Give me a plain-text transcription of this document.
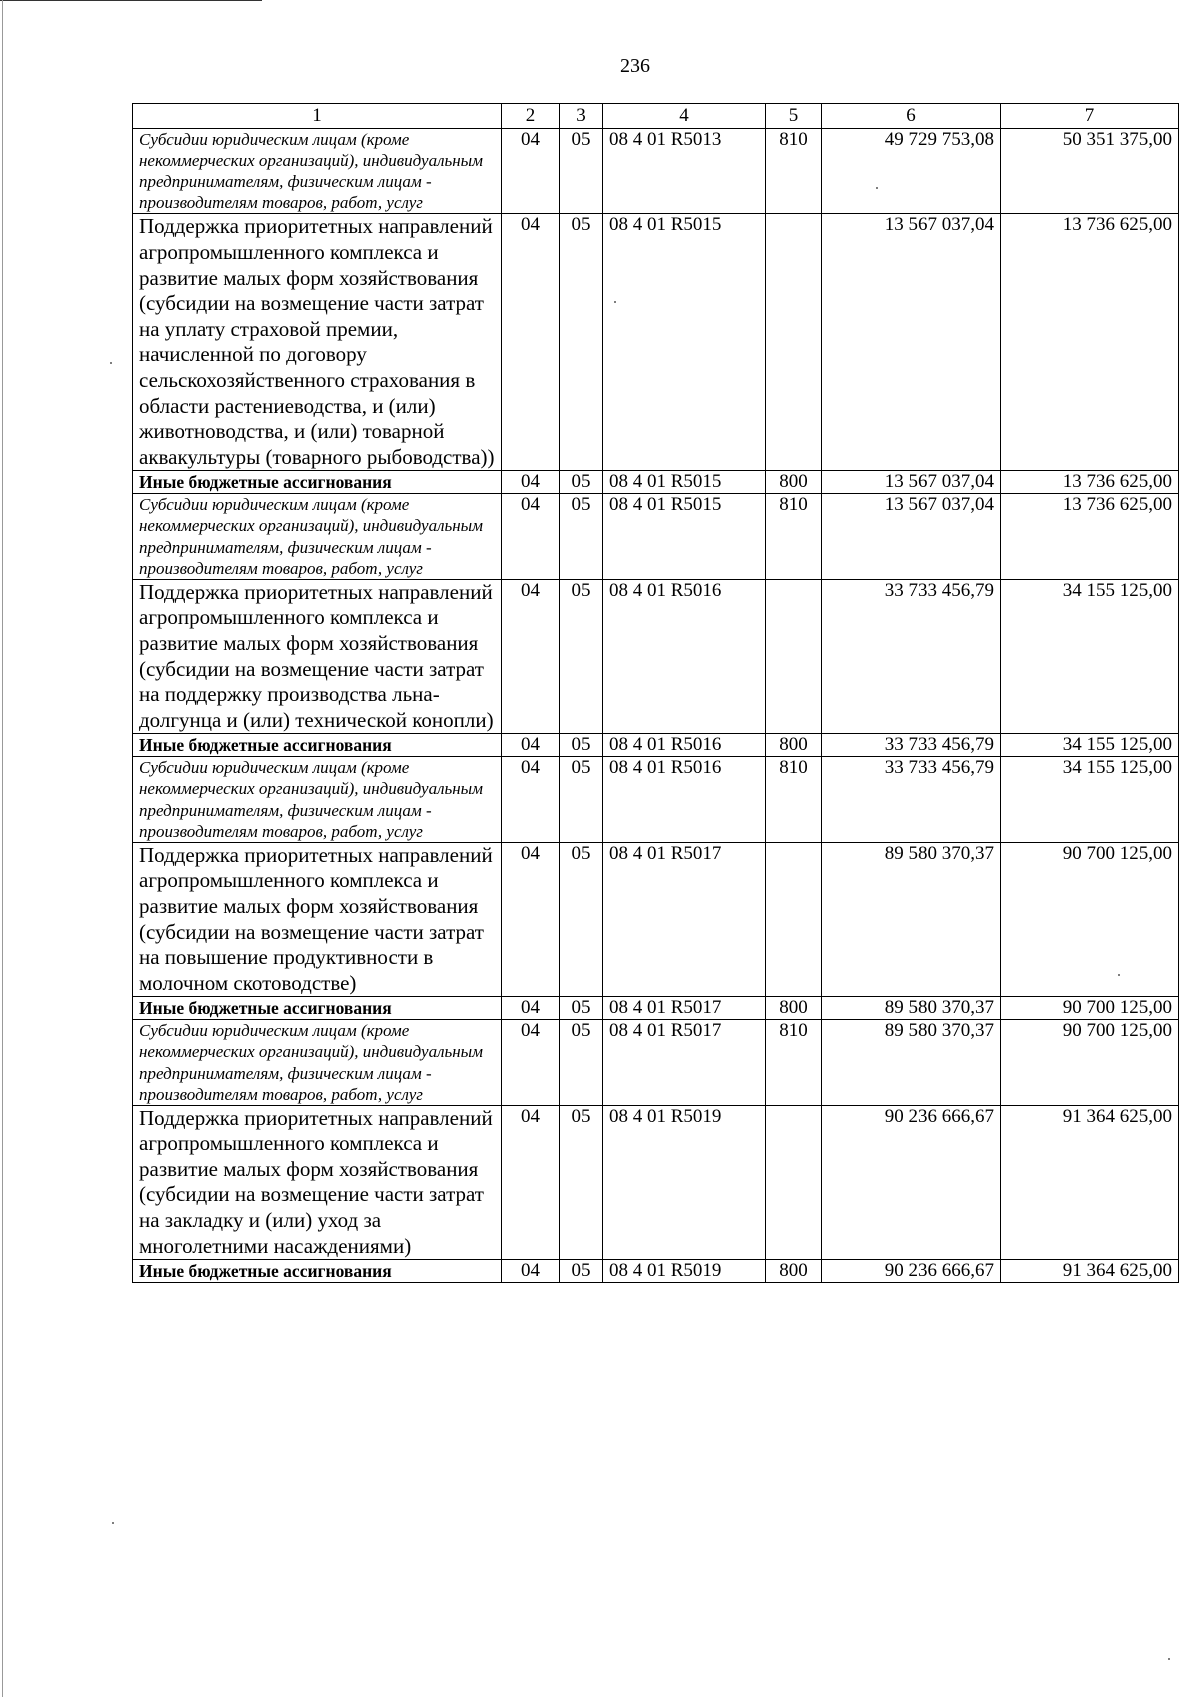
236
1	2	3	4	5	6	7
Субсидии юридическим лицам (кроме некоммерческих организаций), индивидуальным предпринимателям, физическим лицам - производителям товаров, работ, услуг	04	05	08 4 01 R5013	810	49 729 753,08	50 351 375,00
Поддержка приоритетных направлений агропромышленного комплекса и развитие малых форм хозяйствования (субсидии на возмещение части затрат на уплату страховой премии, начисленной по договору сельскохозяйственного страхования в области растениеводства, и (или) животноводства, и (или) товарной аквакультуры (товарного рыбоводства))	04	05	08 4 01 R5015		13 567 037,04	13 736 625,00
Иные бюджетные ассигнования	04	05	08 4 01 R5015	800	13 567 037,04	13 736 625,00
Субсидии юридическим лицам (кроме некоммерческих организаций), индивидуальным предпринимателям, физическим лицам - производителям товаров, работ, услуг	04	05	08 4 01 R5015	810	13 567 037,04	13 736 625,00
Поддержка приоритетных направлений агропромышленного комплекса и развитие малых форм хозяйствования (субсидии на возмещение части затрат на поддержку производства льна-долгунца и (или) технической конопли)	04	05	08 4 01 R5016		33 733 456,79	34 155 125,00
Иные бюджетные ассигнования	04	05	08 4 01 R5016	800	33 733 456,79	34 155 125,00
Субсидии юридическим лицам (кроме некоммерческих организаций), индивидуальным предпринимателям, физическим лицам - производителям товаров, работ, услуг	04	05	08 4 01 R5016	810	33 733 456,79	34 155 125,00
Поддержка приоритетных направлений агропромышленного комплекса и развитие малых форм хозяйствования (субсидии на возмещение части затрат на повышение продуктивности в молочном скотоводстве)	04	05	08 4 01 R5017		89 580 370,37	90 700 125,00
Иные бюджетные ассигнования	04	05	08 4 01 R5017	800	89 580 370,37	90 700 125,00
Субсидии юридическим лицам (кроме некоммерческих организаций), индивидуальным предпринимателям, физическим лицам - производителям товаров, работ, услуг	04	05	08 4 01 R5017	810	89 580 370,37	90 700 125,00
Поддержка приоритетных направлений агропромышленного комплекса и развитие малых форм хозяйствования (субсидии на возмещение части затрат на закладку и (или) уход за многолетними насаждениями)	04	05	08 4 01 R5019		90 236 666,67	91 364 625,00
Иные бюджетные ассигнования	04	05	08 4 01 R5019	800	90 236 666,67	91 364 625,00
